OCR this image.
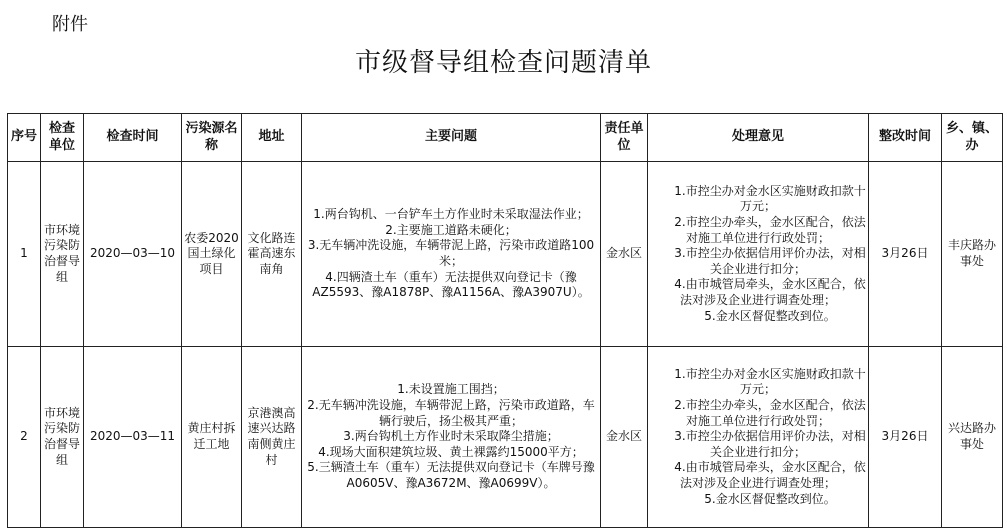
附件
市级督导组检查问题清单
序号	检查单位	检查时间	污染源名称	地址	主要问题	责任单位	处理意见	整改时间	乡、镇、办
1	市环境污染防治督导组	2020—03—10	农委2020国土绿化项目	文化路连霍高速东南角	1.两台钩机、一台铲车土方作业时未采取湿法作业；
2.主要施工道路未硬化；
3.无车辆冲洗设施，车辆带泥上路，污染市政道路100米；
4.四辆渣土车（重车）无法提供双向登记卡（豫AZ5593、豫A1878P、豫A1156A、豫A3907U）。	金水区	1.市控尘办对金水区实施财政扣款十万元；
2.市控尘办牵头，金水区配合，依法对施工单位进行行政处罚；
3.市控尘办依据信用评价办法，对相关企业进行扣分；
4.由市城管局牵头，金水区配合，依法对涉及企业进行调查处理；
5.金水区督促整改到位。	3月26日	丰庆路办事处
2	市环境污染防治督导组	2020—03—11	黄庄村拆迁工地	京港澳高速兴达路南侧黄庄村	1.未设置施工围挡；
2.无车辆冲洗设施，车辆带泥上路，污染市政道路，车辆行驶后，扬尘极其严重；
3.两台钩机土方作业时未采取降尘措施；
4.现场大面积建筑垃圾、黄土裸露约15000平方；
5.三辆渣土车（重车）无法提供双向登记卡（车牌号豫A0605V、豫A3672M、豫A0699V）。	金水区	1.市控尘办对金水区实施财政扣款十万元；
2.市控尘办牵头，金水区配合，依法对施工单位进行行政处罚；
3.市控尘办依据信用评价办法，对相关企业进行扣分；
4.由市城管局牵头，金水区配合，依法对涉及企业进行调查处理；
5.金水区督促整改到位。	3月26日	兴达路办事处
